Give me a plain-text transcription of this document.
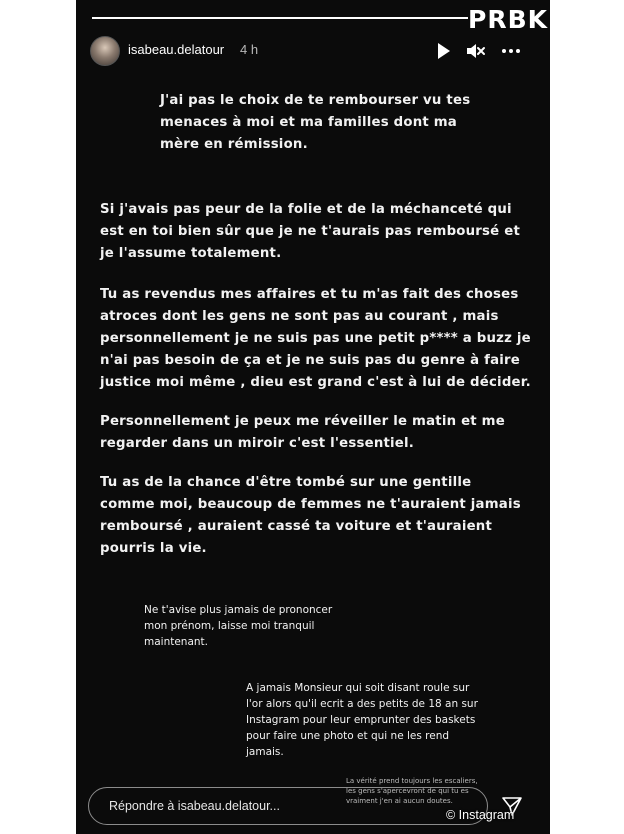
isabeau.delatour 4 h

J'ai pas le choix de te rembourser vu tes
menaces à moi et ma familles dont ma
mère en rémission.

Si j'avais pas peur de la folie et de la méchanceté qui
est en toi bien sûr que je ne t'aurais pas remboursé et
je l'assume totalement.

Tu as revendus mes affaires et tu m'as fait des choses
atroces dont les gens ne sont pas au courant , mais
personnellement je ne suis pas une petit p**** a buzz je
n'ai pas besoin de ça et je ne suis pas du genre à faire
justice moi même , dieu est grand c'est à lui de décider.

Personnellement je peux me réveiller le matin et me
regarder dans un miroir c'est l'essentiel.

Tu as de la chance d'être tombé sur une gentille
comme moi, beaucoup de femmes ne t'auraient jamais
remboursé , auraient cassé ta voiture et t'auraient
pourris la vie.

Ne t'avise plus jamais de prononcer
mon prénom, laisse moi tranquil
maintenant.

A jamais Monsieur qui soit disant roule sur
l'or alors qu'il ecrit a des petits de 18 an sur
Instagram pour leur emprunter des baskets
pour faire une photo et qui ne les rend
jamais.

La vérité prend toujours les escaliers,
les gens s'apercevront de qui tu es
vraiment j'en ai aucun doutes.

Répondre à isabeau.delatour...
PRBK
© Instagram
